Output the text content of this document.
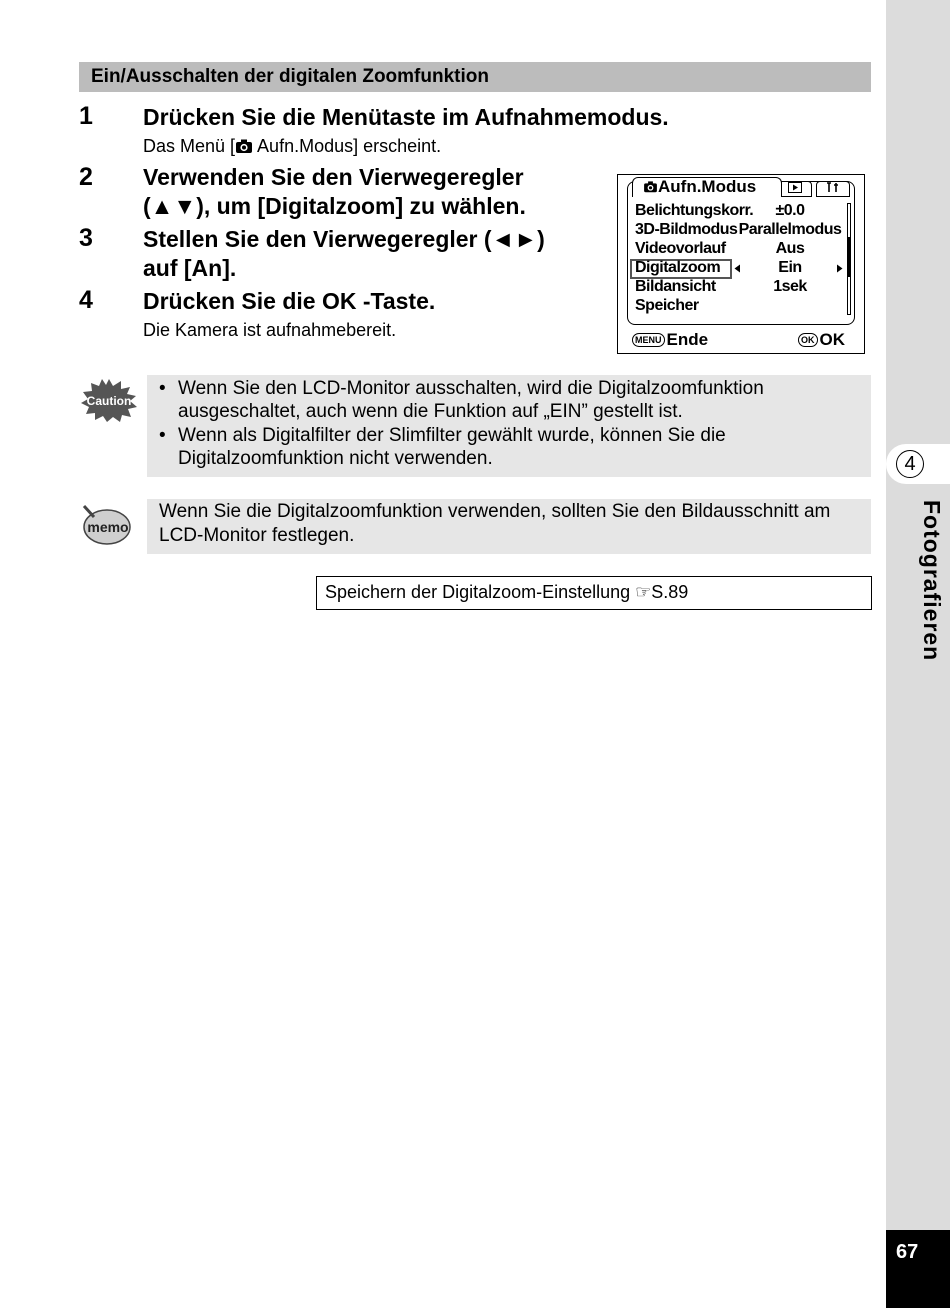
4
Fotografieren
67
Ein/Ausschalten der digitalen Zoomfunktion
1 Drücken Sie die Menütaste im Aufnahmemodus.
Das Menü [ Aufn.Modus] erscheint.
2 Verwenden Sie den Vierwegeregler
(▲▼), um [Digitalzoom] zu wählen.
3 Stellen Sie den Vierwegeregler (◄►)
auf [An].
4 Drücken Sie die OK -Taste.
Die Kamera ist aufnahmebereit.
Aufn.Modus
Belichtungskorr.	±0.0
3D-Bildmodus Parallelmodus
Videovorlauf	Aus
Digitalzoom	Ein
Bildansicht	1sek
Speicher
MENU Ende	OK OK
Caution
• Wenn Sie den LCD-Monitor ausschalten, wird die Digitalzoomfunktion ausgeschaltet, auch wenn die Funktion auf „EIN” gestellt ist.
• Wenn als Digitalfilter der Slimfilter gewählt wurde, können Sie die Digitalzoomfunktion nicht verwenden.
memo
Wenn Sie die Digitalzoomfunktion verwenden, sollten Sie den Bildausschnitt am LCD-Monitor festlegen.
Speichern der Digitalzoom-Einstellung ☞S.89
